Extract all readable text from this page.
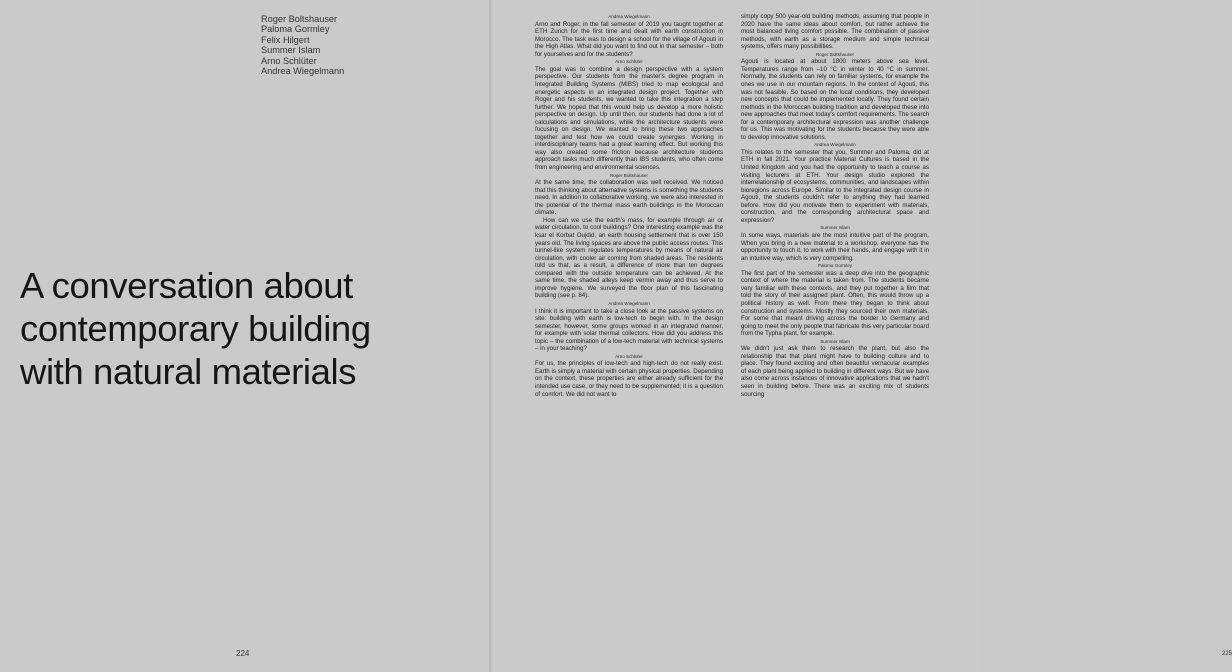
Roger Boltshauser
Paloma Gormley
Felix Hilgert
Summer Islam
Arno Schlüter
Andrea Wiegelmann
A conversation about
contemporary building
with natural materials
224

Andrea Wiegelmann

Arno and Roger, in the fall semester of 2019 you taught together at ETH Zurich for the first time and dealt with earth construction in Morocco. The task was to design a school for the village of Agouti in the High Atlas. What did you want to find out in that semester – both for yourselves and for the students?

Arno Schlüter

The goal was to combine a design perspective with a system perspective. Our students from the master's degree program in Integrated Building Systems (MIBS) tried to map ecological and energetic aspects in an integrated design project. Together with Roger and his students, we wanted to take this integration a step further. We hoped that this would help us develop a more holistic perspective on design. Up until then, our students had done a lot of calculations and simulations, while the architecture students were focusing on design. We wanted to bring these two approaches together and test how we could create synergies. Working in interdisciplinary teams had a great learning effect. But working this way also created some friction because architecture students approach tasks much differently than IBS students, who often come from engineering and environmental sciences.

Roger Boltshauser

At the same time, the collaboration was well received. We noticed that this thinking about alternative systems is something the students need. In addition to collaborative working, we were also interested in the potential of the thermal mass earth buildings in the Moroccan climate.

How can we use the earth's mass, for example through air or water circulation, to cool buildings? One interesting example was the ksar el Korbat Oujdid, an earth housing settlement that is over 150 years old. The living spaces are above the public access routes. This tunnel-like system regulates temperatures by means of natural air circulation, with cooler air coming from shaded areas. The residents told us that, as a result, a difference of more than ten degrees compared with the outside temperature can be achieved. At the same time, the shaded alleys keep vermin away and thus serve to improve hygiene. We surveyed the floor plan of this fascinating building (see p. 84).

Andrea Wiegelmann

I think it is important to take a close look at the passive systems on site: building with earth is low-tech to begin with. In the design semester, however, some groups worked in an integrated manner, for example with solar thermal collectors. How did you address this topic – the combination of a low-tech material with technical systems – in your teaching?

Arno Schlüter

For us, the principles of low-tech and high-tech do not really exist. Earth is simply a material with certain physical properties. Depending on the context, these properties are either already sufficient for the intended use case, or they need to be supplemented; it is a question of comfort. We did not want to

simply copy 500 year-old building methods, assuming that people in 2020 have the same ideas about comfort, but rather achieve the most balanced living comfort possible. The combination of passive methods, with earth as a storage medium and simple technical systems, offers many possibilities.

Roger Boltshauser

Agouti is located at about 1800 meters above sea level. Temperatures range from –10 °C in winter to 40 °C in summer. Normally, the students can rely on familiar systems, for example the ones we use in our mountain regions. In the context of Agouti, this was not feasible. So based on the local conditions, they developed new concepts that could be implemented locally. They found certain methods in the Moroccan building tradition and developed these into new approaches that meet today's comfort requirements. The search for a contemporary architectural expression was another challenge for us. This was motivating for the students because they were able to develop innovative solutions.

Andrea Wiegelmann

This relates to the semester that you, Summer and Paloma, did at ETH in fall 2021. Your practice Material Cultures is based in the United Kingdom and you had the opportunity to teach a course as visiting lecturers at ETH. Your design studio explored the interrelationship of ecosystems, communities, and landscapes within bioregions across Europe. Similar to the integrated design course in Agouti, the students couldn't refer to anything they had learned before. How did you motivate them to experiment with materials, construction, and the corresponding architectural space and expression?

Summer Islam

In some ways, materials are the most intuitive part of the program. When you bring in a new material to a workshop, everyone has the opportunity to touch it, to work with their hands, and engage with it in an intuitive way, which is very compelling.

Paloma Gormley

The first part of the semester was a deep dive into the geographic context of where the material is taken from. The students became very familiar with these contexts, and they put together a film that told the story of their assigned plant. Often, this would throw up a political history as well. From there they began to think about construction and systems. Mostly they sourced their own materials. For some that meant driving across the border to Germany and going to meet the only people that fabricate this very particular board from the Typha plant, for example.

Summer Islam

We didn't just ask them to research the plant, but also the relationship that that plant might have to building culture and to place. They found exciting and often beautiful vernacular examples of each plant being applied to building in different ways. But we have also come across instances of innovative applications that we hadn't seen in building before. There was an exciting mix of students sourcing

225
